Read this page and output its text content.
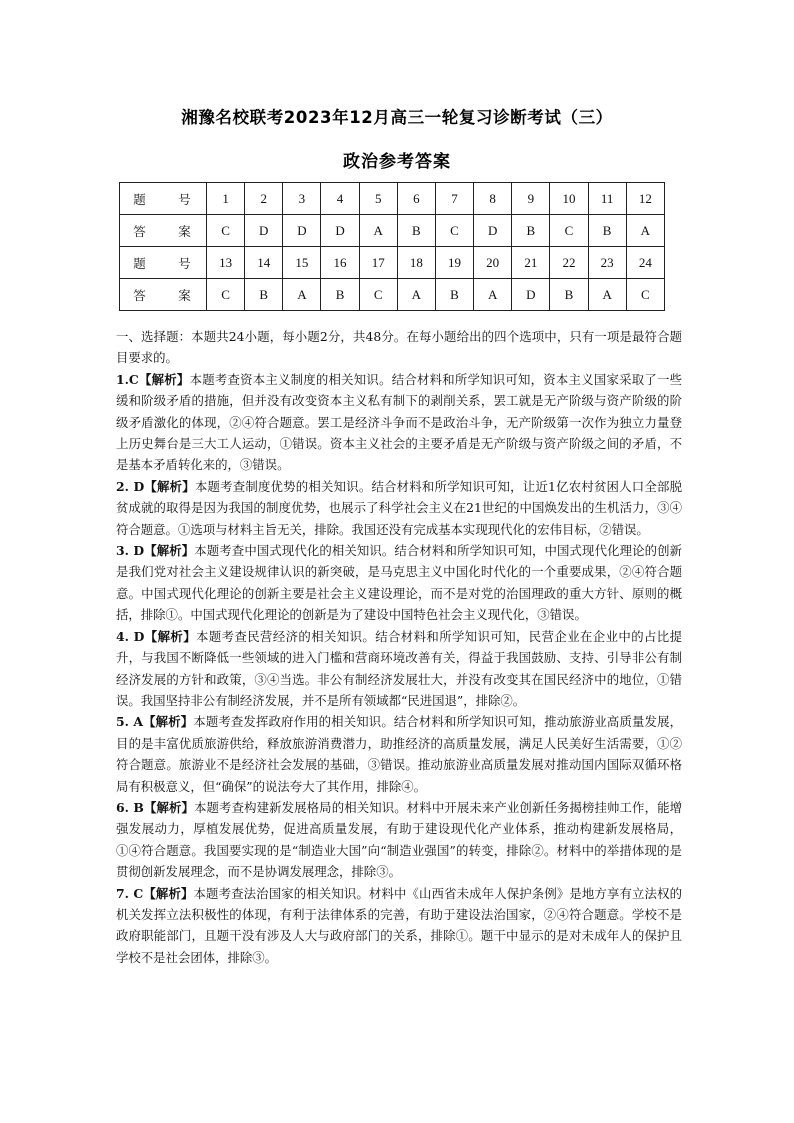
湘豫名校联考2023年12月高三一轮复习诊断考试（三）
政治参考答案
题　号	1	2	3	4	5	6	7	8	9	10	11	12
答　案	C	D	D	D	A	B	C	D	B	C	B	A
题　号	13	14	15	16	17	18	19	20	21	22	23	24
答　案	C	B	A	B	C	A	B	A	D	B	A	C

一、选择题：本题共24小题，每小题2分，共48分。在每小题给出的四个选项中，只有一项是最符合题目要求的。

1.C【解析】本题考查资本主义制度的相关知识。结合材料和所学知识可知，资本主义国家采取了一些缓和阶级矛盾的措施，但并没有改变资本主义私有制下的剥削关系，罢工就是无产阶级与资产阶级的阶级矛盾激化的体现，②④符合题意。罢工是经济斗争而不是政治斗争，无产阶级第一次作为独立力量登上历史舞台是三大工人运动，①错误。资本主义社会的主要矛盾是无产阶级与资产阶级之间的矛盾，不是基本矛盾转化来的，③错误。

2. D【解析】本题考查制度优势的相关知识。结合材料和所学知识可知，让近1亿农村贫困人口全部脱贫成就的取得是因为我国的制度优势，也展示了科学社会主义在21世纪的中国焕发出的生机活力，③④符合题意。①选项与材料主旨无关，排除。我国还没有完成基本实现现代化的宏伟目标，②错误。

3. D【解析】本题考查中国式现代化的相关知识。结合材料和所学知识可知，中国式现代化理论的创新是我们党对社会主义建设规律认识的新突破，是马克思主义中国化时代化的一个重要成果，②④符合题意。中国式现代化理论的创新主要是社会主义建设理论，而不是对党的治国理政的重大方针、原则的概括，排除①。中国式现代化理论的创新是为了建设中国特色社会主义现代化，③错误。

4. D【解析】本题考查民营经济的相关知识。结合材料和所学知识可知，民营企业在企业中的占比提升，与我国不断降低一些领域的进入门槛和营商环境改善有关，得益于我国鼓励、支持、引导非公有制经济发展的方针和政策，③④当选。非公有制经济发展壮大，并没有改变其在国民经济中的地位，①错误。我国坚持非公有制经济发展，并不是所有领域都“民进国退”，排除②。

5. A【解析】本题考查发挥政府作用的相关知识。结合材料和所学知识可知，推动旅游业高质量发展，目的是丰富优质旅游供给，释放旅游消费潜力，助推经济的高质量发展，满足人民美好生活需要，①②符合题意。旅游业不是经济社会发展的基础，③错误。推动旅游业高质量发展对推动国内国际双循环格局有积极意义，但“确保”的说法夸大了其作用，排除④。

6. B【解析】本题考查构建新发展格局的相关知识。材料中开展未来产业创新任务揭榜挂帅工作，能增强发展动力，厚植发展优势，促进高质量发展，有助于建设现代化产业体系，推动构建新发展格局，①④符合题意。我国要实现的是“制造业大国”向“制造业强国”的转变，排除②。材料中的举措体现的是贯彻创新发展理念，而不是协调发展理念，排除③。

7. C【解析】本题考查法治国家的相关知识。材料中《山西省未成年人保护条例》是地方享有立法权的机关发挥立法积极性的体现，有利于法律体系的完善，有助于建设法治国家，②④符合题意。学校不是政府职能部门，且题干没有涉及人大与政府部门的关系，排除①。题干中显示的是对未成年人的保护且学校不是社会团体，排除③。
